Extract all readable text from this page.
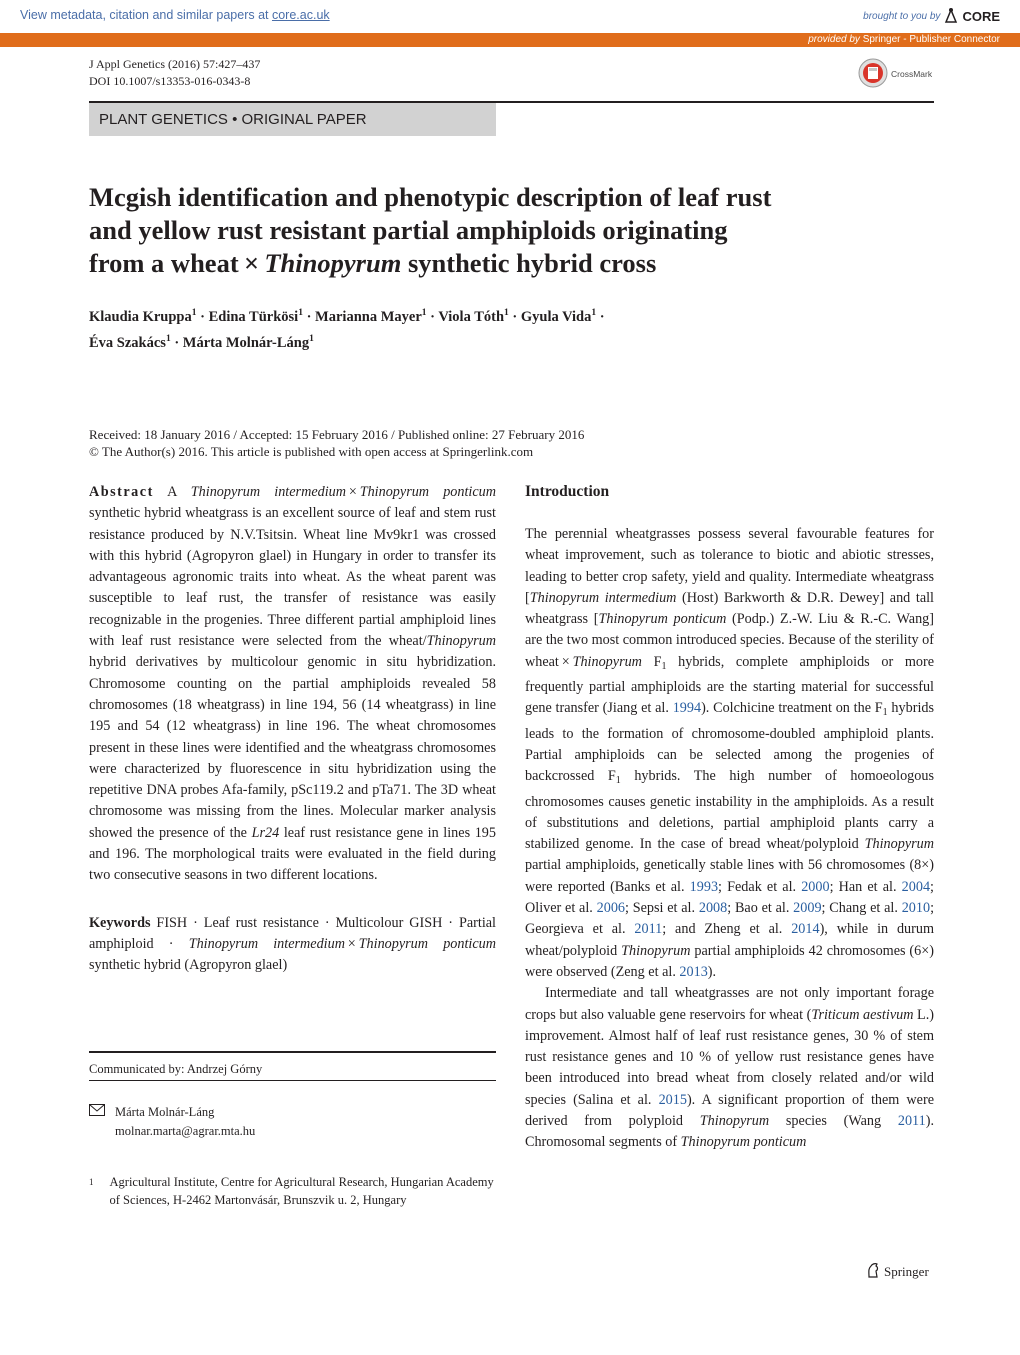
View metadata, citation and similar papers at core.ac.uk	brought to you by CORE
provided by Springer - Publisher Connector
J Appl Genetics (2016) 57:427–437
DOI 10.1007/s13353-016-0343-8	CrossMark
PLANT GENETICS • ORIGINAL PAPER
Mcgish identification and phenotypic description of leaf rust
and yellow rust resistant partial amphiploids originating
from a wheat × Thinopyrum synthetic hybrid cross
Klaudia Kruppa$^1$ · Edina Türkösi$^1$ · Marianna Mayer$^1$ · Viola Tóth$^1$ · Gyula Vida$^1$ ·
Éva Szakács$^1$ · Márta Molnár-Láng$^1$
Received: 18 January 2016 / Accepted: 15 February 2016 / Published online: 27 February 2016
© The Author(s) 2016. This article is published with open access at Springerlink.com

Abstract A Thinopyrum intermedium × Thinopyrum ponticum synthetic hybrid wheatgrass is an excellent source of leaf and stem rust resistance produced by N.V.Tsitsin. Wheat line Mv9kr1 was crossed with this hybrid (Agropyron glael) in Hungary in order to transfer its advantageous agronomic traits into wheat. As the wheat parent was susceptible to leaf rust, the transfer of resistance was easily recognizable in the progenies. Three different partial amphiploid lines with leaf rust resistance were selected from the wheat/Thinopyrum hybrid derivatives by multicolour genomic in situ hybridization. Chromosome counting on the partial amphiploids revealed 58 chromosomes (18 wheatgrass) in line 194, 56 (14 wheatgrass) in line 195 and 54 (12 wheatgrass) in line 196. The wheat chromosomes present in these lines were identified and the wheatgrass chromosomes were characterized by fluorescence in situ hybridization using the repetitive DNA probes Afa-family, pSc119.2 and pTa71. The 3D wheat chromosome was missing from the lines. Molecular marker analysis showed the presence of the Lr24 leaf rust resistance gene in lines 195 and 196. The morphological traits were evaluated in the field during two consecutive seasons in two different locations.

Keywords FISH · Leaf rust resistance · Multicolour GISH · Partial amphiploid · Thinopyrum intermedium × Thinopyrum ponticum synthetic hybrid (Agropyron glael)

Communicated by: Andrzej Górny
Márta Molnár-Láng
molnar.marta@agrar.mta.hu
1 Agricultural Institute, Centre for Agricultural Research, Hungarian Academy of Sciences, H-2462 Martonvásár, Brunszvik u. 2, Hungary
Introduction

The perennial wheatgrasses possess several favourable features for wheat improvement, such as tolerance to biotic and abiotic stresses, leading to better crop safety, yield and quality. Intermediate wheatgrass [Thinopyrum intermedium (Host) Barkworth & D.R. Dewey] and tall wheatgrass [Thinopyrum ponticum (Podp.) Z.-W. Liu & R.-C. Wang] are the two most common introduced species. Because of the sterility of wheat × Thinopyrum $F_1$ hybrids, complete amphiploids or more frequently partial amphiploids are the starting material for successful gene transfer (Jiang et al. 1994). Colchicine treatment on the $F_1$ hybrids leads to the formation of chromosome-doubled amphiploid plants. Partial amphiploids can be selected among the progenies of backcrossed $F_1$ hybrids. The high number of homoeologous chromosomes causes genetic instability in the amphiploids. As a result of substitutions and deletions, partial amphiploid plants carry a stabilized genome. In the case of bread wheat/polyploid Thinopyrum partial amphiploids, genetically stable lines with 56 chromosomes (8×) were reported (Banks et al. 1993; Fedak et al. 2000; Han et al. 2004; Oliver et al. 2006; Sepsi et al. 2008; Bao et al. 2009; Chang et al. 2010; Georgieva et al. 2011; and Zheng et al. 2014), while in durum wheat/polyploid Thinopyrum partial amphiploids 42 chromosomes (6×) were observed (Zeng et al. 2013).

Intermediate and tall wheatgrasses are not only important forage crops but also valuable gene reservoirs for wheat (Triticum aestivum L.) improvement. Almost half of leaf rust resistance genes, 30 % of stem rust resistance genes and 10 % of yellow rust resistance genes have been introduced into bread wheat from closely related and/or wild species (Salina et al. 2015). A significant proportion of them were derived from polyploid Thinopyrum species (Wang 2011). Chromosomal segments of Thinopyrum ponticum

Springer
